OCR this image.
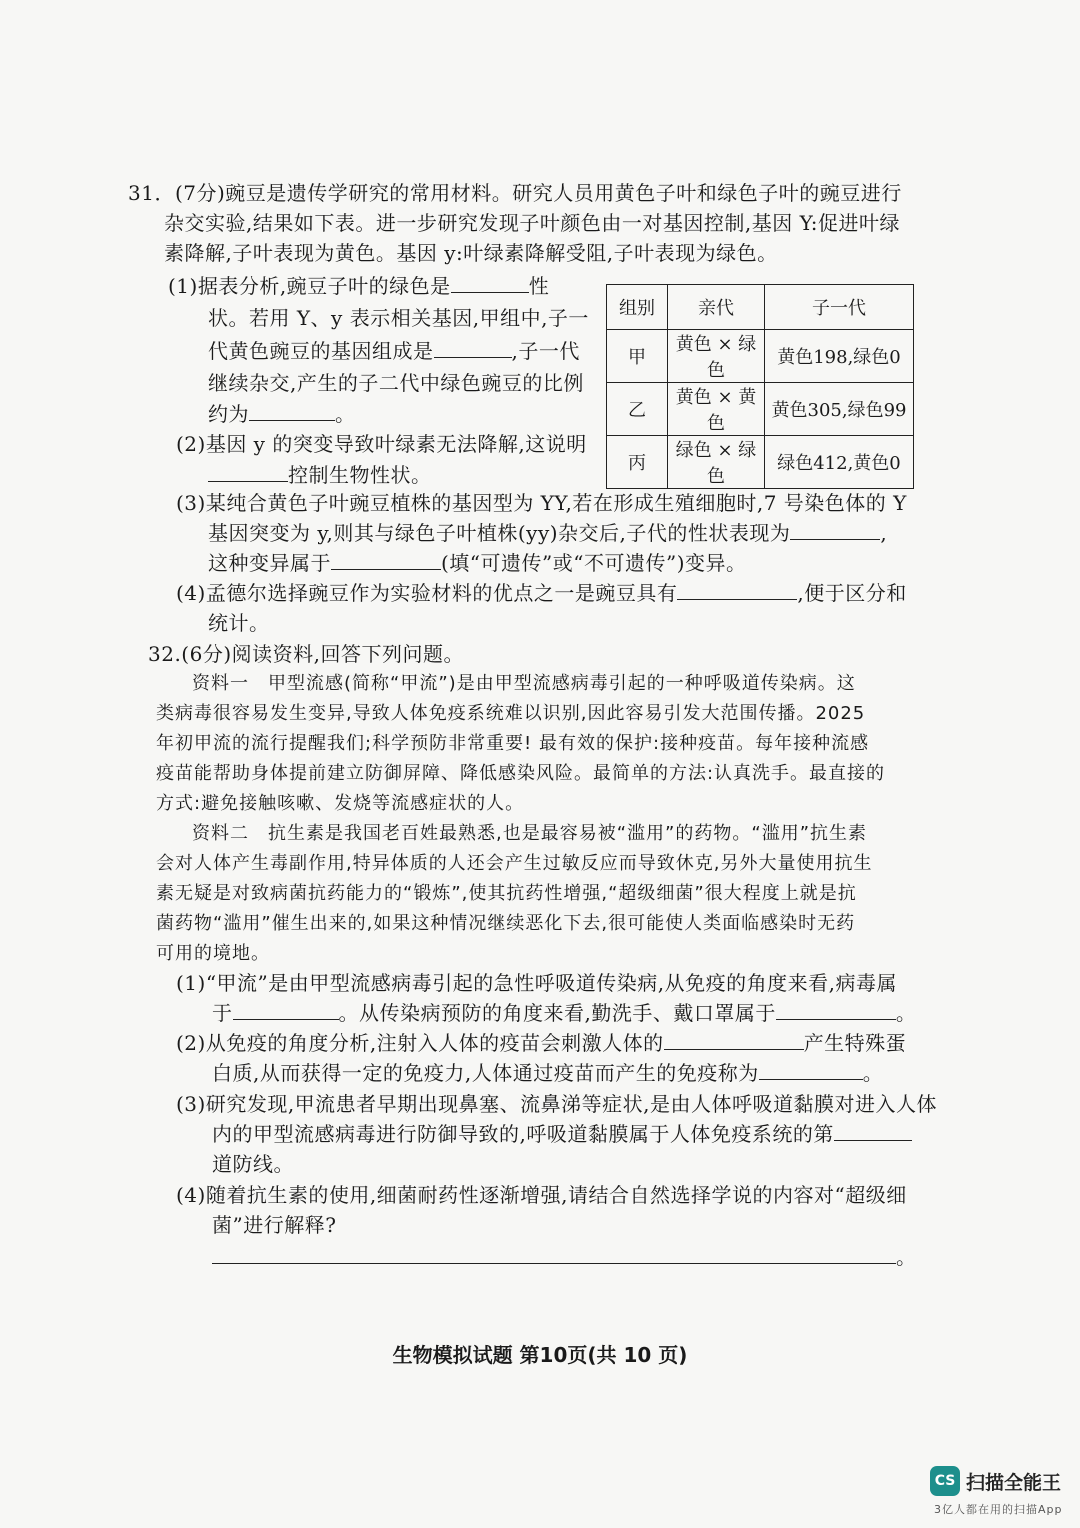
31．(7分)豌豆是遗传学研究的常用材料。研究人员用黄色子叶和绿色子叶的豌豆进行
杂交实验,结果如下表。进一步研究发现子叶颜色由一对基因控制,基因 Y:促进叶绿
素降解,子叶表现为黄色。基因 y:叶绿素降解受阻,子叶表现为绿色。
(1)据表分析,豌豆子叶的绿色是	性
状。若用 Y、y 表示相关基因,甲组中,子一
代黄色豌豆的基因组成是	,子一代
继续杂交,产生的子二代中绿色豌豆的比例
约为	。
(2)基因 y 的突变导致叶绿素无法降解,这说明
控制生物性状。
组别	亲代	子一代
甲	黄色 × 绿色	黄色198,绿色0
乙	黄色 × 黄色	黄色305,绿色99
丙	绿色 × 绿色	绿色412,黄色0
(3)某纯合黄色子叶豌豆植株的基因型为 YY,若在形成生殖细胞时,7 号染色体的 Y
基因突变为 y,则其与绿色子叶植株(yy)杂交后,子代的性状表现为	,
这种变异属于	(填“可遗传”或“不可遗传”)变异。
(4)孟德尔选择豌豆作为实验材料的优点之一是豌豆具有	,便于区分和
统计。
32.(6分)阅读资料,回答下列问题。
资料一　甲型流感(简称“甲流”)是由甲型流感病毒引起的一种呼吸道传染病。这
类病毒很容易发生变异,导致人体免疫系统难以识别,因此容易引发大范围传播。2025
年初甲流的流行提醒我们;科学预防非常重要! 最有效的保护:接种疫苗。每年接种流感
疫苗能帮助身体提前建立防御屏障、降低感染风险。最简单的方法:认真洗手。最直接的
方式:避免接触咳嗽、发烧等流感症状的人。
资料二　抗生素是我国老百姓最熟悉,也是最容易被“滥用”的药物。“滥用”抗生素
会对人体产生毒副作用,特异体质的人还会产生过敏反应而导致休克,另外大量使用抗生
素无疑是对致病菌抗药能力的“锻炼”,使其抗药性增强,“超级细菌”很大程度上就是抗
菌药物“滥用”催生出来的,如果这种情况继续恶化下去,很可能使人类面临感染时无药
可用的境地。
(1)“甲流”是由甲型流感病毒引起的急性呼吸道传染病,从免疫的角度来看,病毒属
于	。从传染病预防的角度来看,勤洗手、戴口罩属于	。
(2)从免疫的角度分析,注射入人体的疫苗会刺激人体的	产生特殊蛋
白质,从而获得一定的免疫力,人体通过疫苗而产生的免疫称为	。
(3)研究发现,甲流患者早期出现鼻塞、流鼻涕等症状,是由人体呼吸道黏膜对进入人体
内的甲型流感病毒进行防御导致的,呼吸道黏膜属于人体免疫系统的第
道防线。
(4)随着抗生素的使用,细菌耐药性逐渐增强,请结合自然选择学说的内容对“超级细
菌”进行解释?
。
生物模拟试题 第10页(共 10 页)
CS 扫描全能王
3亿人都在用的扫描App
